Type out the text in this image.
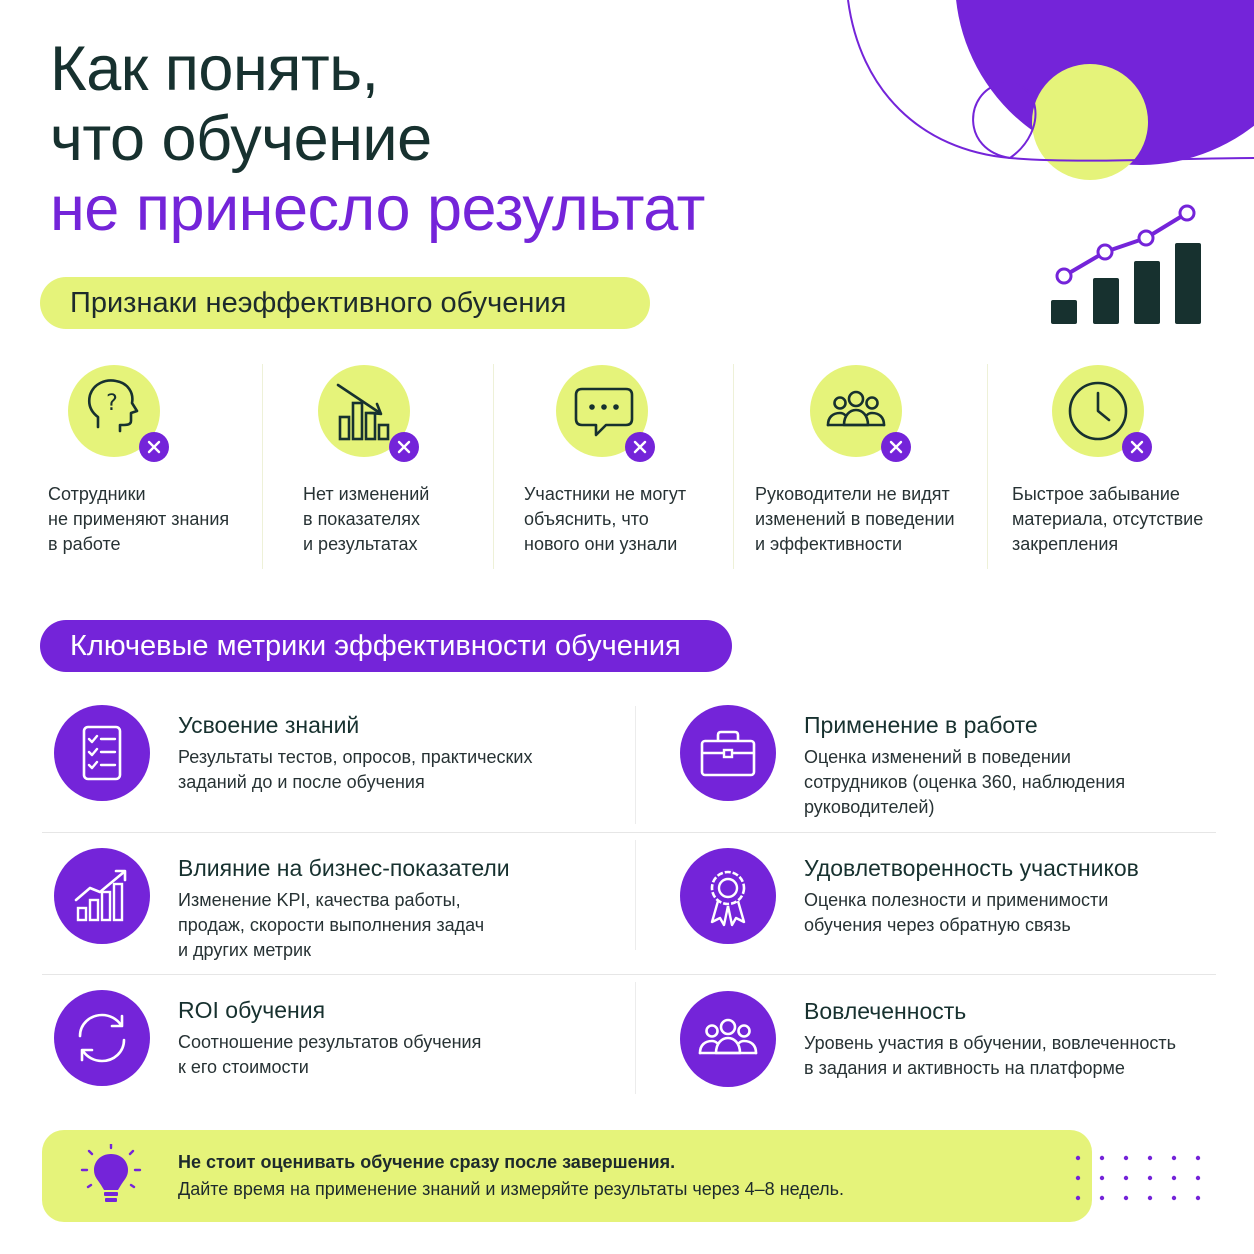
Как понять,
что обучение
не принесло результат
Признаки неэффективного обучения
?
Сотрудники
не применяют знания
в работе
Нет изменений
в показателях
и результатах
Участники не могут
объяснить, что
нового они узнали
Руководители не видят
изменений в поведении
и эффективности
Быстрое забывание
материала, отсутствие
закрепления
Ключевые метрики эффективности обучения
Усвоение знаний
Результаты тестов, опросов, практических
заданий до и после обучения
Применение в работе
Оценка изменений в поведении
сотрудников (оценка 360, наблюдения
руководителей)
Влияние на бизнес-показатели
Изменение KPI, качества работы,
продаж, скорости выполнения задач
и других метрик
Удовлетворенность участников
Оценка полезности и применимости
обучения через обратную связь
ROI обучения
Соотношение результатов обучения
к его стоимости
Вовлеченность
Уровень участия в обучении, вовлеченность
в задания и активность на платформе
Не стоит оценивать обучение сразу после завершения.
Дайте время на применение знаний и измеряйте результаты через 4–8 недель.
